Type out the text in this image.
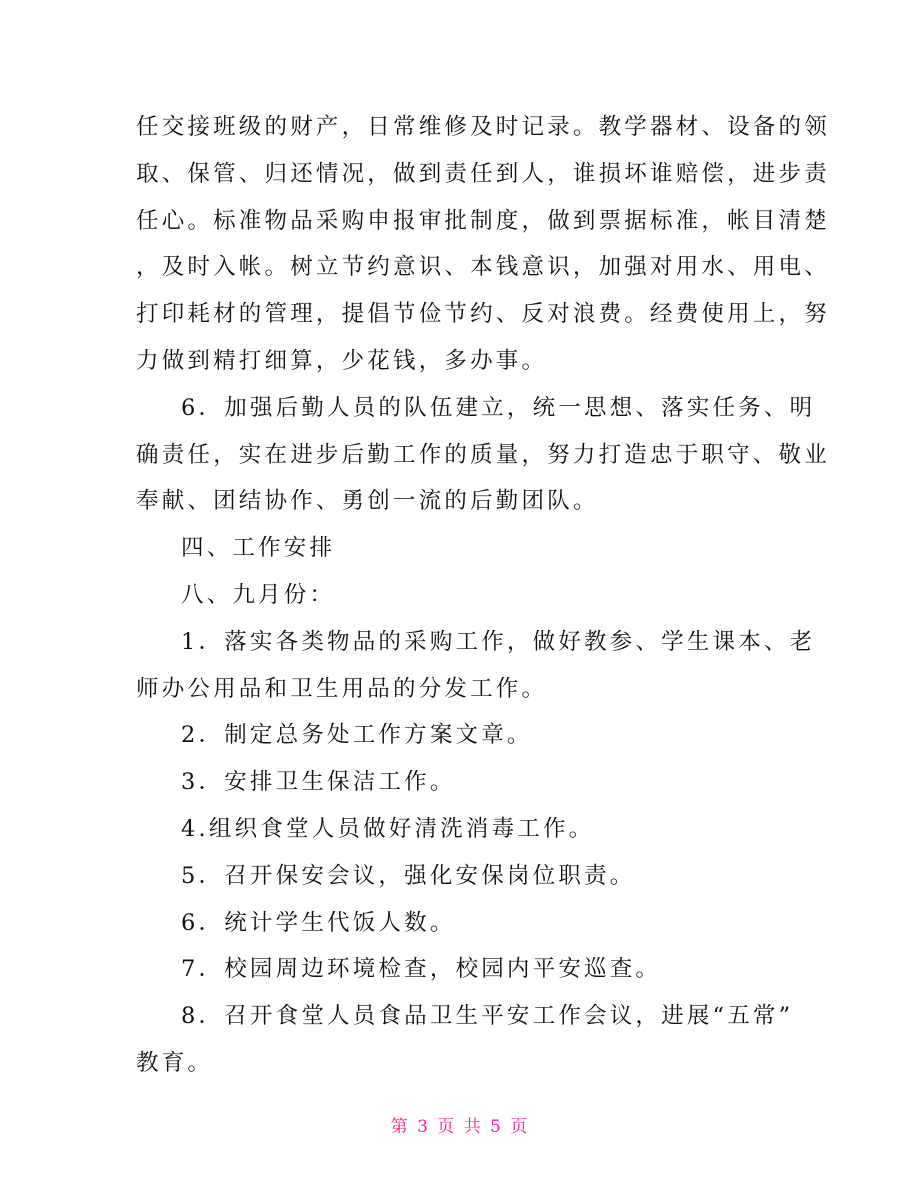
任交接班级的财产，日常维修及时记录。教学器材、设备的领
取、保管、归还情况，做到责任到人，谁损坏谁赔偿，进步责
任心。标准物品采购申报审批制度，做到票据标准，帐目清楚
，及时入帐。树立节约意识、本钱意识，加强对用水、用电、
打印耗材的管理，提倡节俭节约、反对浪费。经费使用上，努
力做到精打细算，少花钱，多办事。
6．加强后勤人员的队伍建立，统一思想、落实任务、明
确责任，实在进步后勤工作的质量，努力打造忠于职守、敬业
奉献、团结协作、勇创一流的后勤团队。
四、工作安排
八、九月份：
1．落实各类物品的采购工作，做好教参、学生课本、老
师办公用品和卫生用品的分发工作。
2．制定总务处工作方案文章。
3．安排卫生保洁工作。
4.组织食堂人员做好清洗消毒工作。
5．召开保安会议，强化安保岗位职责。
6．统计学生代饭人数。
7．校园周边环境检查，校园内平安巡查。
8．召开食堂人员食品卫生平安工作会议，进展“五常”
教育。
第 3 页 共 5 页
